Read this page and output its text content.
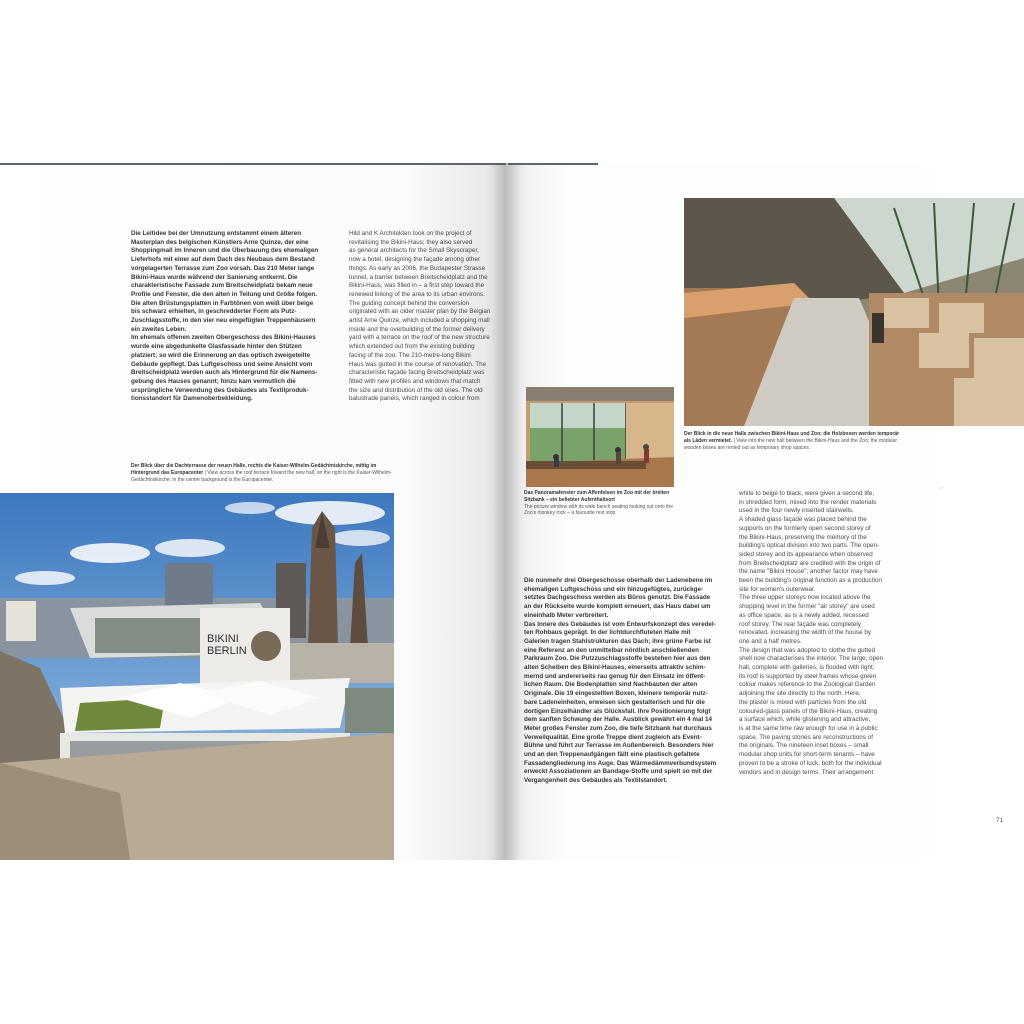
Die Leitidee bei der Umnutzung entstammt einem älteren
Masterplan des belgischen Künstlers Arne Quinze, der eine
Shoppingmall im Inneren und die Überbauung des ehemaligen
Lieferhofs mit einer auf dem Dach des Neubaus dem Bestand
vorgelagerten Terrasse zum Zoo vorsah. Das 210 Meter lange
Bikini-Haus wurde während der Sanierung entkernt. Die
charakteristische Fassade zum Breitscheidplatz bekam neue
Profile und Fenster, die den alten in Teilung und Größe folgen.
Die alten Brüstungsplatten in Farbtönen von weiß über beige
bis schwarz erhielten, in geschredderter Form als Putz-
Zuschlagsstoffe, in den vier neu eingefügten Treppenhäusern
ein zweites Leben.
Im ehemals offenen zweiten Obergeschoss des Bikini-Hauses
wurde eine abgedunkelte Glasfassade hinter den Stützen
platziert; so wird die Erinnerung an das optisch zweigeteilte
Gebäude gepflegt. Das Luftgeschoss und seine Ansicht vom
Breitscheidplatz werden auch als Hintergrund für die Namens-
gebung des Hauses genannt; hinzu kam vermutlich die
ursprüngliche Verwendung des Gebäudes als Textilproduk-
tionsstandort für Damenoberbekleidung.

Hild and K Architekten took on the project of
revitalising the Bikini-Haus; they also served
as general architects for the Small Skyscraper,
now a hotel, designing the façade among other
things. As early as 2006, the Budapester Strasse
tunnel, a barrier between Breitscheidplatz and the
Bikini-Haus, was filled in – a first step toward the
renewed linking of the area to its urban environs.
The guiding concept behind the conversion
originated with an older master plan by the Belgian
artist Arne Quinze, which included a shopping mall
inside and the overbuilding of the former delivery
yard with a terrace on the roof of the new structure
which extended out from the existing building
facing of the zoo. The 210-metre-long Bikini
Haus was gutted in the course of renovation. The
characteristic façade facing Breitscheidplatz was
fitted with new profiles and windows that match
the size and distribution of the old ones. The old
balustrade panels, which ranged in colour from

Der Blick über die Dachterrasse der neuen Halle, rechts die Kaiser-Wilhelm-Gedächtniskirche, mittig im Hintergrund das Europacenter | View across the roof terrace toward the new hall; on the right is the Kaiser-Wilhelm-Gedächtniskirche; in the centre background is the Europacenter.

BIKINI BERLIN

Der Blick in die neue Halle zwischen Bikini-Haus und Zoo; die Holzboxen werden temporär als Läden vermietet. | View into the new hall between the Bikini-Haus and the Zoo; the modular wooden boxes are rented out as temporary shop spaces.

Das Panoramafenster zum Affenfelsen im Zoo mit der breiten Sitzbank – ein beliebter Aufenthaltsort
The picture window with its wide bench seating looking out onto the Zoo's monkey rock – a favourite rest stop

• ·

Die nunmehr drei Obergeschosse oberhalb der Ladenebene im
ehemaligen Luftgeschoss und ein hinzugefügtes, zurückge-
setztes Dachgeschoss werden als Büros genutzt. Die Fassade
an der Rückseite wurde komplett erneuert, das Haus dabei um
eineinhalb Meter verbreitert.
Das Innere des Gebäudes ist vom Entwurfskonzept des veredel-
ten Rohbaus geprägt. In der lichtdurchfluteten Halle mit
Galerien tragen Stahlstrukturen das Dach; ihre grüne Farbe ist
eine Referenz an den unmittelbar nördlich anschließenden
Parkraum Zoo. Die Putzzuschlagsstoffe bestehen hier aus den
alten Scheiben des Bikini-Hauses, einerseits attraktiv schim-
mernd und andererseits rau genug für den Einsatz im öffent-
lichen Raum. Die Bodenplatten sind Nachbauten der alten
Originale. Die 19 eingestellten Boxen, kleinere temporär nutz-
bare Ladeneinheiten, erweisen sich gestalterisch und für die
dortigen Einzelhändler als Glücksfall. Ihre Positionierung folgt
dem sanften Schwung der Halle. Ausblick gewährt ein 4 mal 14
Meter großes Fenster zum Zoo, die tiefe Sitzbank hat durchaus
Verweilqualität. Eine große Treppe dient zugleich als Event-
Bühne und führt zur Terrasse im Außenbereich. Besonders hier
und an den Treppenaufgängen fällt eine plastisch gefaltete
Fassadengliederung ins Auge. Das Wärmedämmverbundsystem
erweckt Assoziationen an Bandage-Stoffe und spielt so mit der
Vergangenheit des Gebäudes als Textilstandort.

white to beige to black, were given a second life,
in shredded form, mixed into the render materials
used in the four newly inserted stairwells.
A shaded glass façade was placed behind the
supports on the formerly open second storey of
the Bikini-Haus, preserving the memory of the
building's optical division into two parts. The open-
sided storey and its appearance when observed
from Breitscheidplatz are credited with the origin of
the name "Bikini House"; another factor may have
been the building's original function as a production
site for women's outerwear.
The three upper storeys now located above the
shopping level in the former "air storey" are used
as office space, as is a newly added, recessed
roof storey. The rear façade was completely
renovated, increasing the width of the house by
one and a half metres.
The design that was adopted to clothe the gutted
shell now characterises the interior. The large, open
hall, complete with galleries, is flooded with light;
its roof is supported by steel frames whose green
colour makes reference to the Zoological Garden
adjoining the site directly to the north. Here,
the plaster is mixed with particles from the old
coloured-glass panels of the Bikini-Haus, creating
a surface which, while glistening and attractive,
is at the same time raw enough for use in a public
space. The paving stones are reconstructions of
the originals. The nineteen inset boxes – small
modular shop units for short-term tenants – have
proven to be a stroke of luck, both for the individual
vendors and in design terms. Their arrangement

71
